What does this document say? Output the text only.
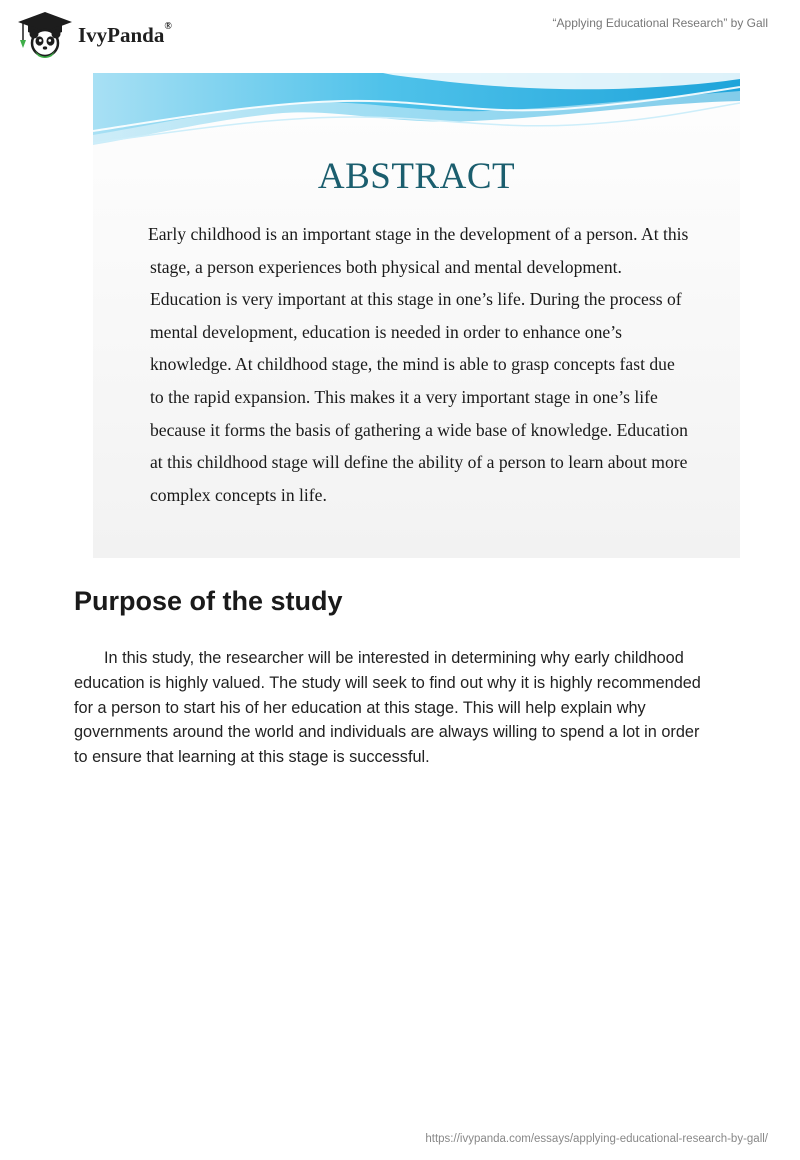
IvyPanda®	“Applying Educational Research” by Gall
ABSTRACT
Early childhood is an important stage in the development of a person. At this
stage, a person experiences both physical and mental development.
Education is very important at this stage in one’s life. During the process of
mental development, education is needed in order to enhance one’s
knowledge. At childhood stage, the mind is able to grasp concepts fast due
to the rapid expansion. This makes it a very important stage in one’s life
because it forms the basis of gathering a wide base of knowledge. Education
at this childhood stage will define the ability of a person to learn about more
complex concepts in life.
Purpose of the study

In this study, the researcher will be interested in determining why early childhood
education is highly valued. The study will seek to find out why it is highly recommended
for a person to start his of her education at this stage. This will help explain why
governments around the world and individuals are always willing to spend a lot in order
to ensure that learning at this stage is successful.

https://ivypanda.com/essays/applying-educational-research-by-gall/
